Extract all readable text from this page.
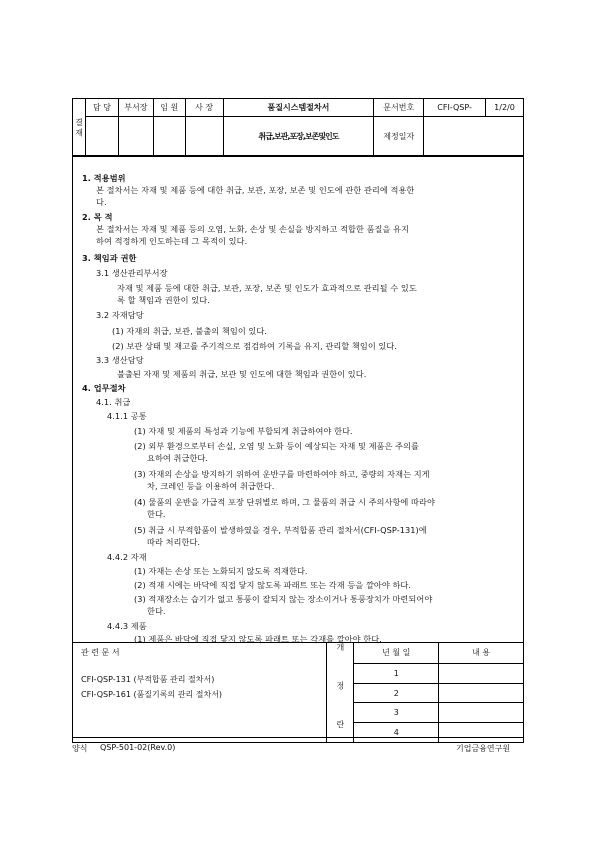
결 재	담 당	부서장	임 원	사 장	품질시스템절차서	문서번호	CFI-QSP-	1/2/0
					취급,보관,포장,보존및인도	제정일자		
1. 적용범위
본 절차서는 자재 및 제품 등에 대한 취급, 보관, 포장, 보존 및 인도에 관한 관리에 적용한
다.
2. 목 적
본 절차서는 자재 및 제품 등의 오염, 노화, 손상 및 손실을 방지하고 적합한 품질을 유지
하여 적정하게 인도하는데 그 목적이 있다.
3. 책임과 권한
3.1 생산관리부서장
자재 및 제품 등에 대한 취급, 보관, 포장, 보존 및 인도가 효과적으로 관리될 수 있도
록 할 책임과 권한이 있다.
3.2 자재담당
(1) 자재의 취급, 보관, 불출의 책임이 있다.
(2) 보관 상태 및 재고를 주기적으로 점검하여 기록을 유지, 관리할 책임이 있다.
3.3 생산담당
불출된 자재 및 제품의 취급, 보관 및 인도에 대한 책임과 권한이 있다.
4. 업무절차
4.1. 취급
4.1.1 공통
(1) 자재 및 제품의 특성과 기능에 부합되게 취급하여야 한다.
(2) 외부 환경으로부터 손실, 오염 및 노화 등이 예상되는 자재 및 제품은 주의를
요하여 취급한다.
(3) 자재의 손상을 방지하기 위하여 운반구를 마련하여야 하고, 중량의 자재는 지게
차, 크레인 등을 이용하여 취급한다.
(4) 물품의 운반을 가급적 포장 단위별로 하며, 그 물품의 취급 시 주의사항에 따라야
한다.
(5) 취급 시 부적합품이 발생하였을 경우, 부적합품 관리 절차서(CFI-QSP-131)에
따라 처리한다.
4.4.2 자재
(1) 자재는 손상 또는 노화되지 않도록 적재한다.
(2) 적재 시에는 바닥에 직접 닿지 않도록 파래트 또는 각재 등을 깔아야 하다.
(3) 적재장소는 습기가 없고 통풍이 잘되지 않는 장소이거나 통풍장치가 마련되어야
한다.
4.4.3 제품
(1) 제품은 바닥에 직접 닿지 않도록 파래트 또는 각재를 깔아야 한다.
관 련 문 서
CFI-QSP-131 (부적합품 관리 절차서)
CFI-QSP-161 (품질기록의 관리 절차서)	개 정 란	년 월 일	내 용
		1	
		2	
		3	
		4	
양식 QSP-501-02(Rev.0)	기업금융연구원
